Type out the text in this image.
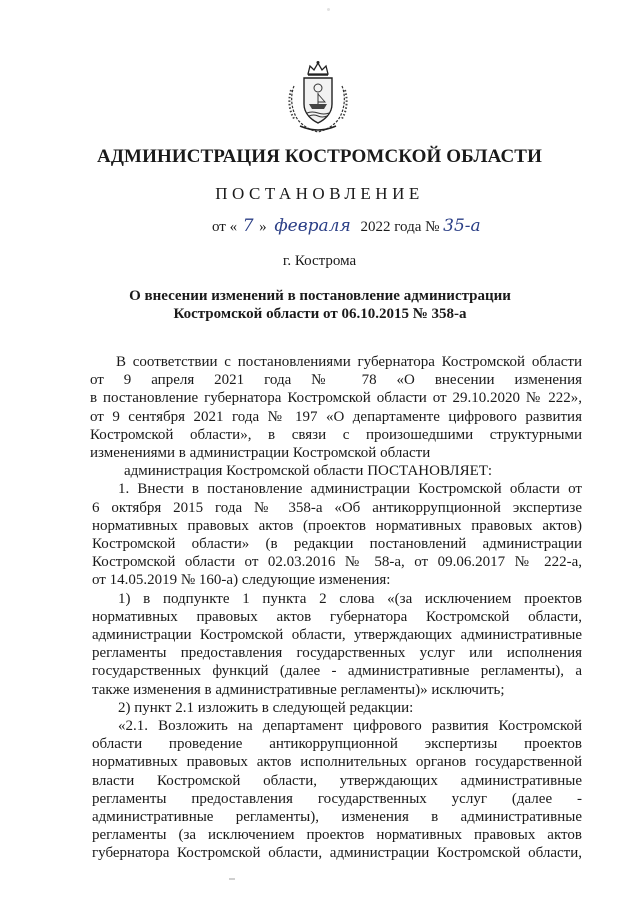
АДМИНИСТРАЦИЯ КОСТРОМСКОЙ ОБЛАСТИ
ПОСТАНОВЛЕНИЕ
от « 7 » февраля 2022 года № 35-а
г. Кострома
О внесении изменений в постановление администрации
Костромской области от 06.10.2015 № 358-а
В соответствии с постановлениями губернатора Костромской области
от 9 апреля 2021 года № 78 «О внесении изменения
в постановление губернатора Костромской области от 29.10.2020 № 222»,
от 9 сентября 2021 года № 197 «О департаменте цифрового развития
Костромской области», в связи с произошедшими структурными
изменениями в администрации Костромской области
администрация Костромской области ПОСТАНОВЛЯЕТ:
1. Внести в постановление администрации Костромской области от
6 октября 2015 года № 358-а «Об антикоррупционной экспертизе
нормативных правовых актов (проектов нормативных правовых актов)
Костромской области» (в редакции постановлений администрации
Костромской области от 02.03.2016 № 58-а, от 09.06.2017 № 222-а,
от 14.05.2019 № 160-а) следующие изменения:
1) в подпункте 1 пункта 2 слова «(за исключением проектов
нормативных правовых актов губернатора Костромской области,
администрации Костромской области, утверждающих административные
регламенты предоставления государственных услуг или исполнения
государственных функций (далее - административные регламенты), а
также изменения в административные регламенты)» исключить;
2) пункт 2.1 изложить в следующей редакции:
«2.1. Возложить на департамент цифрового развития Костромской
области проведение антикоррупционной экспертизы проектов
нормативных правовых актов исполнительных органов государственной
власти Костромской области, утверждающих административные
регламенты предоставления государственных услуг (далее -
административные регламенты), изменения в административные
регламенты (за исключением проектов нормативных правовых актов
губернатора Костромской области, администрации Костромской области,
